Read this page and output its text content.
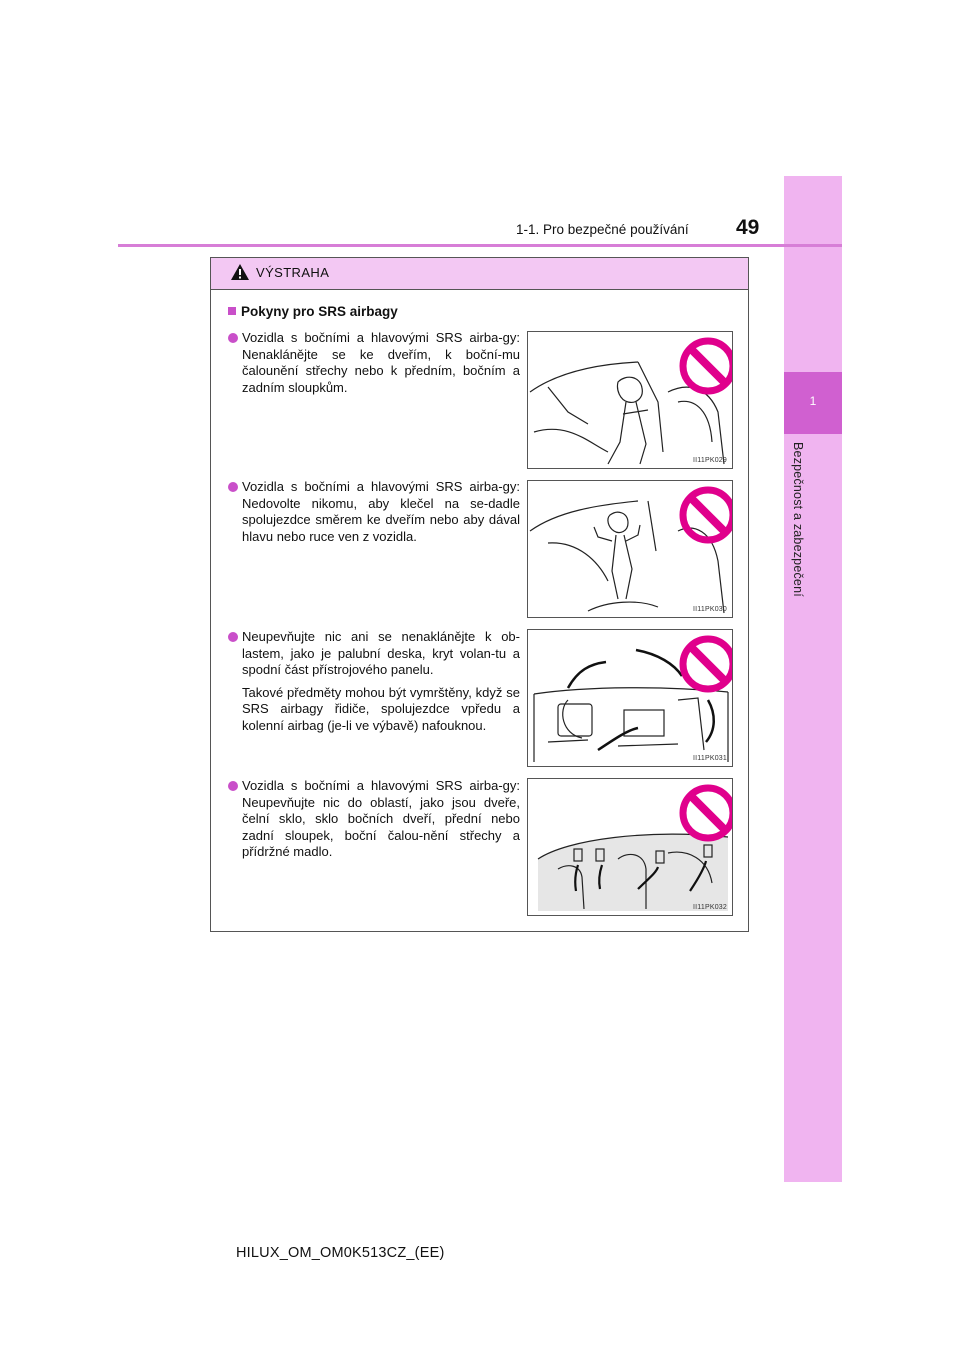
1
Bezpečnost a zabezpečení
1-1. Pro bezpečné používání 49
VÝSTRAHA
Pokyny pro SRS airbagy

Vozidla s bočními a hlavovými SRS airba-gy: Nenaklánějte se ke dveřím, k boční-mu čalounění střechy nebo k předním, bočním a zadním sloupkům.

II11PK029

Vozidla s bočními a hlavovými SRS airba-gy: Nedovolte nikomu, aby klečel na se-dadle spolujezdce směrem ke dveřím nebo aby dával hlavu nebo ruce ven z vozidla.

II11PK030

Neupevňujte nic ani se nenaklánějte k ob-lastem, jako je palubní deska, kryt volan-tu a spodní část přístrojového panelu.

Takové předměty mohou být vymrštěny, když se SRS airbagy řidiče, spolujezdce vpředu a kolenní airbag (je-li ve výbavě) nafouknou.

II11PK031

Vozidla s bočními a hlavovými SRS airba-gy: Neupevňujte nic do oblastí, jako jsou dveře, čelní sklo, sklo bočních dveří, přední nebo zadní sloupek, boční čalou-nění střechy a přídržné madlo.

II11PK032
HILUX_OM_OM0K513CZ_(EE)
